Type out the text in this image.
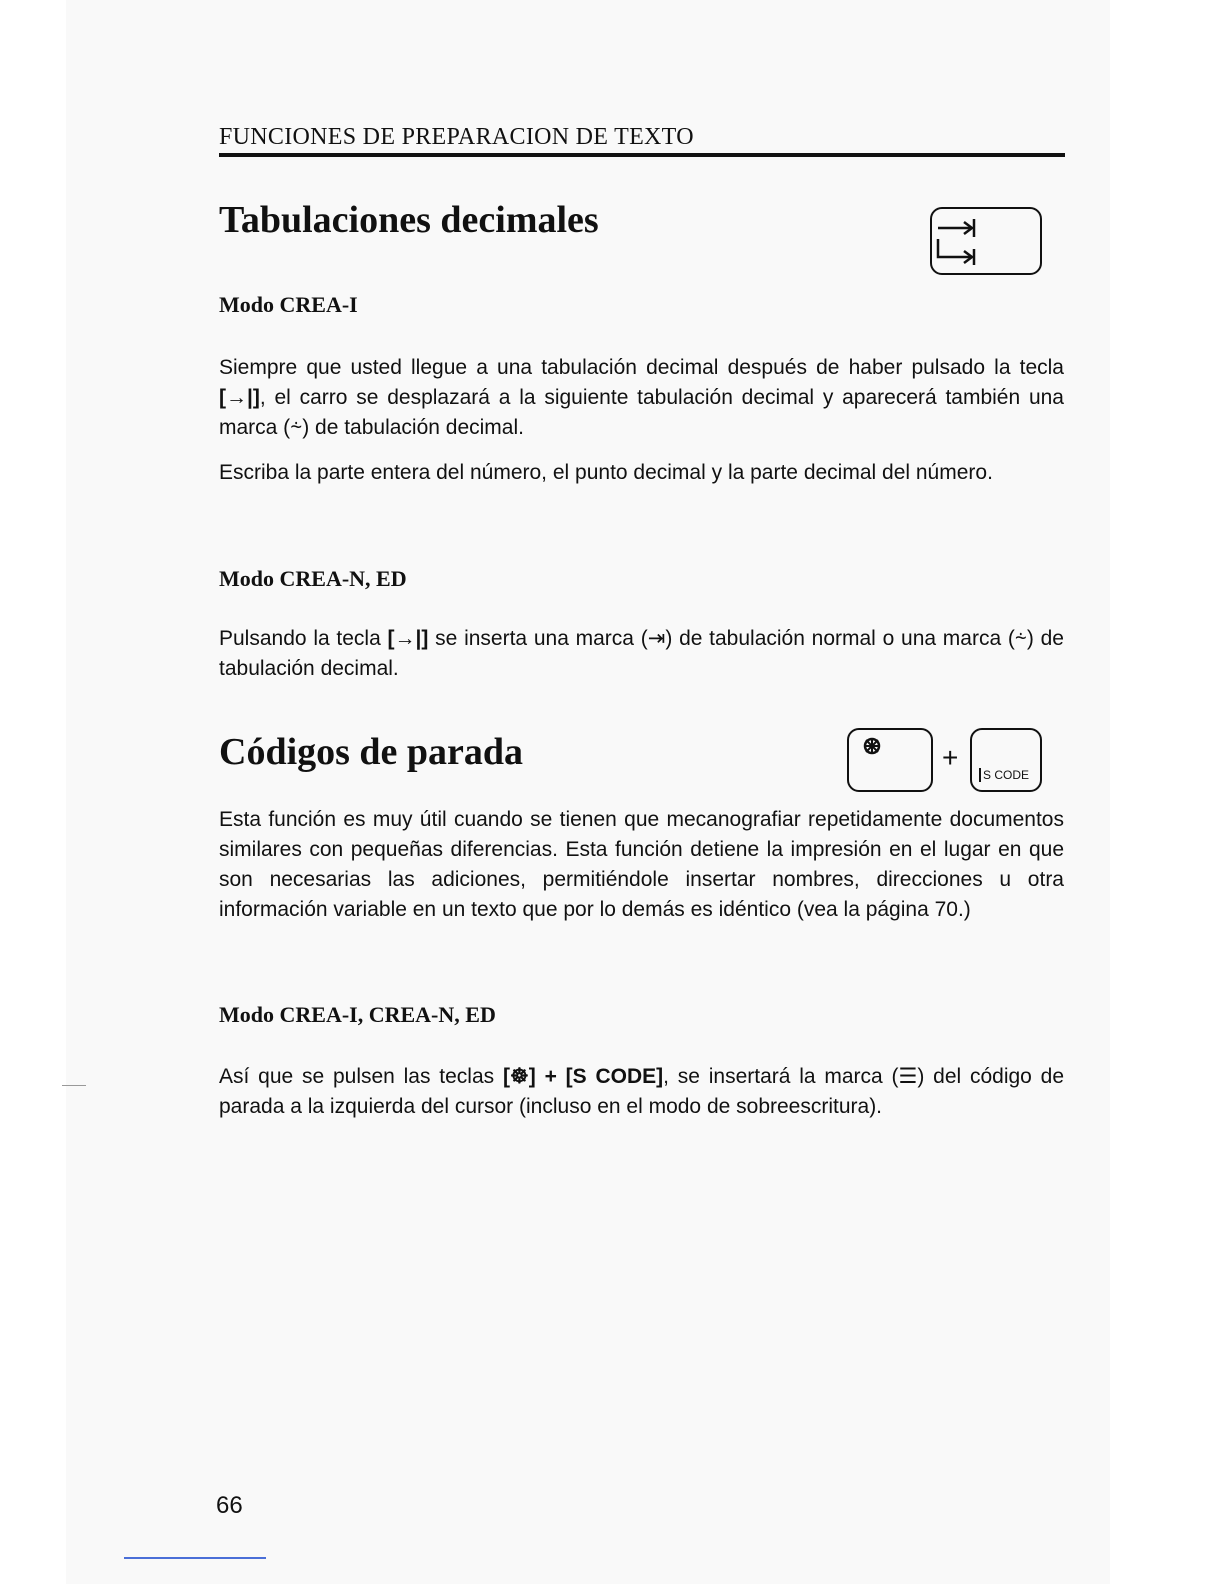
FUNCIONES DE PREPARACION DE TEXTO
Tabulaciones decimales
Modo CREA-I

Siempre que usted llegue a una tabulación decimal después de haber pulsado la tecla [→|], el carro se desplazará a la siguiente tabulación decimal y aparecerá también una marca (⸞) de tabulación decimal.

Escriba la parte entera del número, el punto decimal y la parte decimal del número.

Modo CREA-N, ED

Pulsando la tecla [→|] se inserta una marca (⇥) de tabulación normal o una marca (⸞) de tabulación decimal.

Códigos de parada	+
S CODE

Esta función es muy útil cuando se tienen que mecanografiar repetidamente documentos similares con pequeñas diferencias. Esta función detiene la impresión en el lugar en que son necesarias las adiciones, permitiéndole insertar nombres, direcciones u otra información variable en un texto que por lo demás es idéntico (vea la página 70.)

Modo CREA-I, CREA-N, ED

Así que se pulsen las teclas [☸] + [S CODE], se insertará la marca (☰) del código de parada a la izquierda del cursor (incluso en el modo de sobreescritura).

66
